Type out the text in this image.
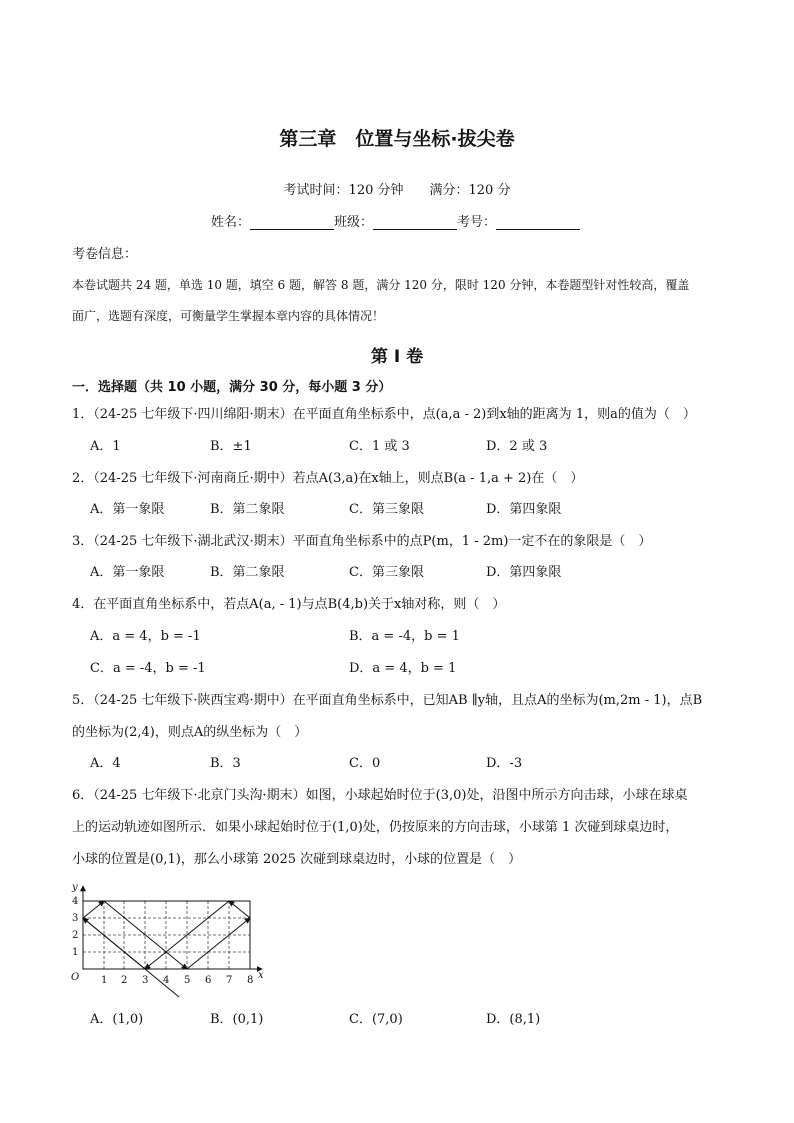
第三章　位置与坐标·拔尖卷
考试时间：120 分钟　　满分：120 分
姓名：	班级：	考号：
考卷信息：
本卷试题共 24 题，单选 10 题，填空 6 题，解答 8 题，满分 120 分，限时 120 分钟，本卷题型针对性较高，覆盖
面广，选题有深度，可衡量学生掌握本章内容的具体情况！
第 I 卷
一．选择题（共 10 小题，满分 30 分，每小题 3 分）
1．（24-25 七年级下·四川绵阳·期末）在平面直角坐标系中，点(a,a - 2)到x轴的距离为 1，则a的值为（　）
A．1	B．±1	C．1 或 3	D．2 或 3
2．（24-25 七年级下·河南商丘·期中）若点A(3,a)在x轴上，则点B(a - 1,a + 2)在（　）
A．第一象限	B．第二象限	C．第三象限	D．第四象限
3．（24-25 七年级下·湖北武汉·期末）平面直角坐标系中的点P(m，1 - 2m)一定不在的象限是（　）
A．第一象限	B．第二象限	C．第三象限	D．第四象限
4．在平面直角坐标系中，若点A(a, - 1)与点B(4,b)关于x轴对称，则（　）
A．a = 4，b = -1	B．a = -4，b = 1
C．a = -4，b = -1	D．a = 4，b = 1
5．（24-25 七年级下·陕西宝鸡·期中）在平面直角坐标系中，已知AB ∥y轴，且点A的坐标为(m,2m - 1)，点B
的坐标为(2,4)，则点A的纵坐标为（　）
A．4	B．3	C．0	D．-3
6．（24-25 七年级下·北京门头沟·期末）如图，小球起始时位于(3,0)处，沿图中所示方向击球，小球在球桌
上的运动轨迹如图所示．如果小球起始时位于(1,0)处，仍按原来的方向击球，小球第 1 次碰到球桌边时，
小球的位置是(0,1)，那么小球第 2025 次碰到球桌边时，小球的位置是（　）
y
x
O 1 2 3 4 5 6 7 8
1
2
3
4
A．(1,0)	B．(0,1)	C．(7,0)	D．(8,1)
